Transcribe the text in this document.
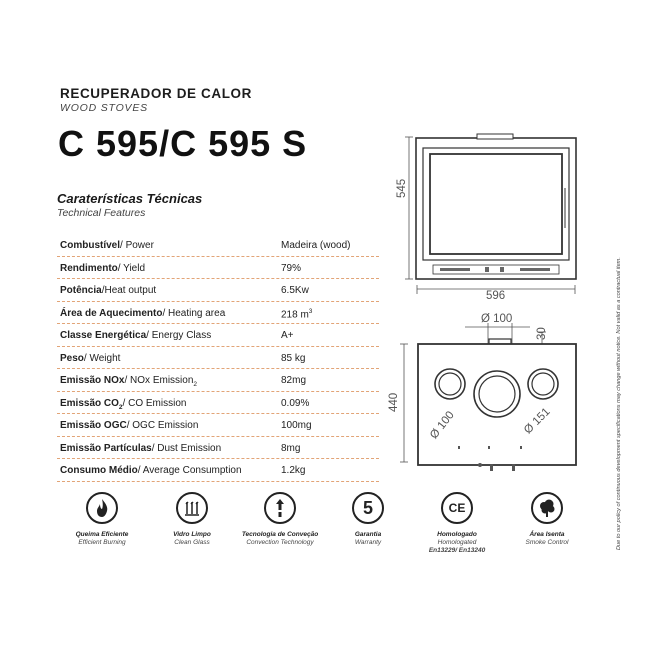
RECUPERADOR DE CALOR
WOOD STOVES
C 595/C 595 S
Caraterísticas Técnicas
Technical Features
Combustível/ Power	Madeira (wood)
Rendimento/ Yield	79%
Potência/Heat output	6.5Kw
Área de Aquecimento/ Heating area	218 $m^3$
Classe Energética/ Energy Class	A+
Peso/ Weight	85 kg
Emissão NOx/ NOx Emission$_2$	82mg
Emissão $CO_2/$ CO Emission	0.09%
Emissão OGC/ OGC Emission	100mg
Emissão Partículas/ Dust Emission	8mg
Consumo Médio/ Average Consumption	1.2kg
545
596
Ø 100
30
440
Ø 100	Ø 151
Queima Eficiente
Efficient Burning
Vidro Limpo
Clean Glass
Tecnologia de Conveção
Convection Technology
5
Garantia
Warranty
CE
Homologado
Homologated
En13229/ En13240
Área Isenta
Smoke Control	Due to our policy of continuous development specifications may change without notice. Not valid as a contractual item.
